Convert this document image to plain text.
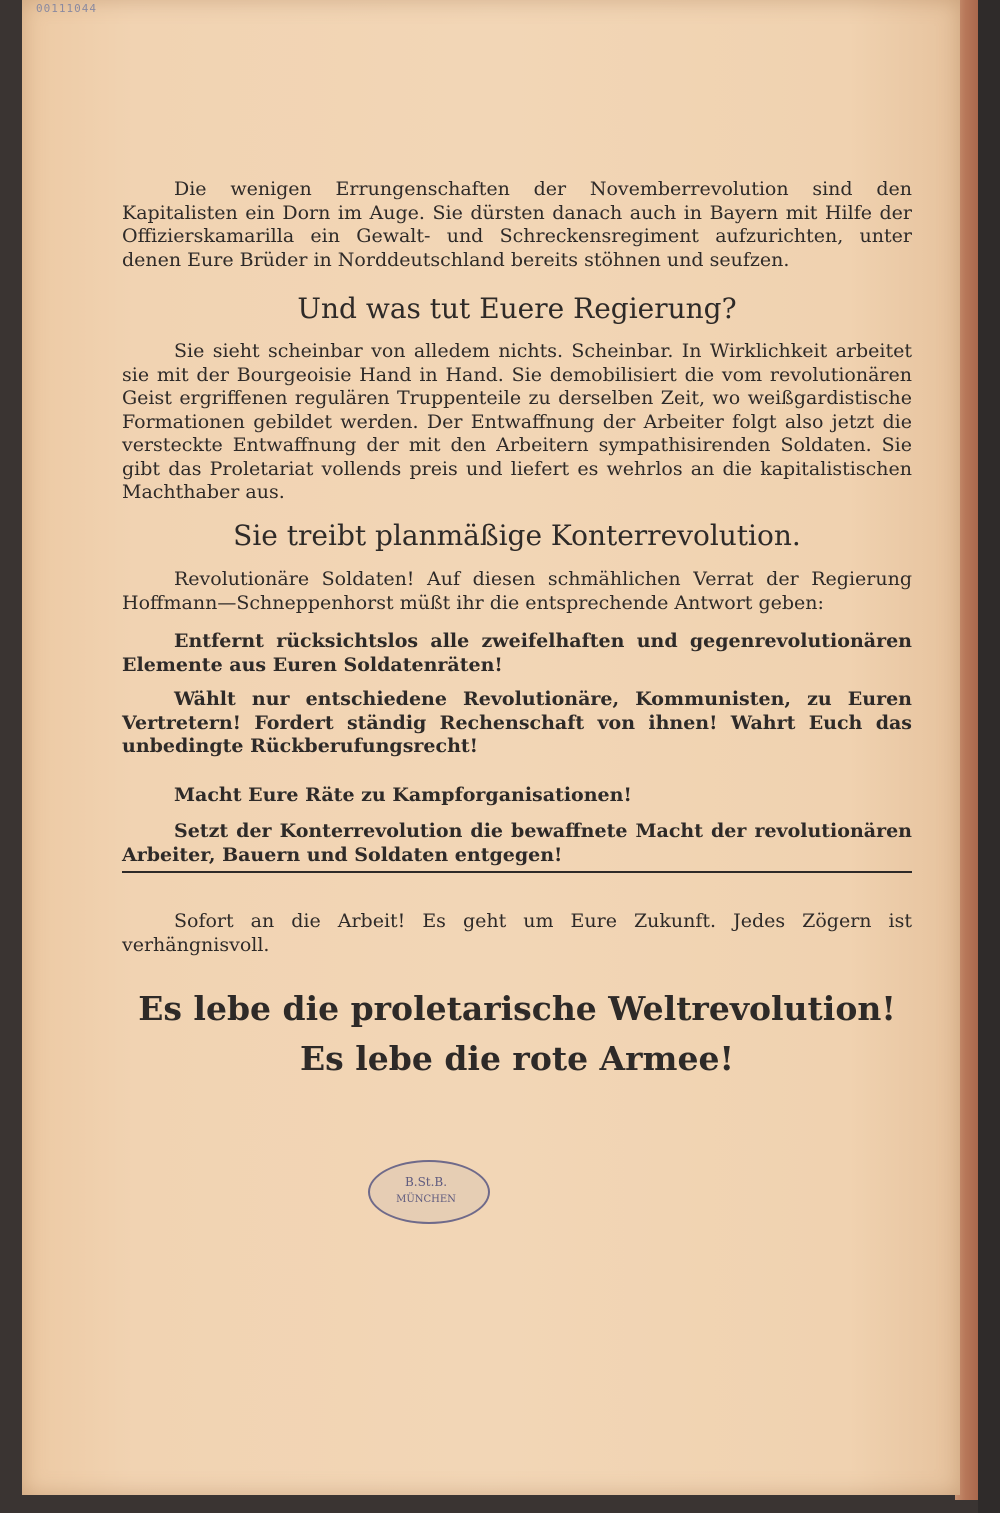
00111044

Die wenigen Errungenschaften der Novemberrevolution sind den Kapitalisten ein Dorn im Auge. Sie dürsten danach auch in Bayern mit Hilfe der Offizierskamarilla ein Gewalt- und Schreckensregiment aufzurichten, unter denen Eure Brüder in Norddeutschland bereits stöhnen und seufzen.

Und was tut Euere Regierung?

Sie sieht scheinbar von alledem nichts. Scheinbar. In Wirklichkeit arbeitet sie mit der Bourgeoisie Hand in Hand. Sie demobilisiert die vom revolutionären Geist ergriffenen regulären Truppenteile zu derselben Zeit, wo weißgardistische Formationen gebildet werden. Der Entwaffnung der Arbeiter folgt also jetzt die versteckte Entwaffnung der mit den Arbeitern sympathisirenden Soldaten. Sie gibt das Proletariat vollends preis und liefert es wehrlos an die kapitalistischen Machthaber aus.

Sie treibt planmäßige Konterrevolution.

Revolutionäre Soldaten! Auf diesen schmählichen Verrat der Regierung Hoffmann—Schneppenhorst müßt ihr die entsprechende Antwort geben:

Entfernt rücksichtslos alle zweifelhaften und gegenrevolutionären Elemente aus Euren Soldatenräten!

Wählt nur entschiedene Revolutionäre, Kommunisten, zu Euren Vertretern! Fordert ständig Rechenschaft von ihnen! Wahrt Euch das unbedingte Rückberufungsrecht!

Macht Eure Räte zu Kampforganisationen!

Setzt der Konterrevolution die bewaffnete Macht der revolutionären Arbeiter, Bauern und Soldaten entgegen!

Sofort an die Arbeit! Es geht um Eure Zukunft. Jedes Zögern ist verhängnisvoll.

Es lebe die proletarische Weltrevolution!

Es lebe die rote Armee!

B.St.B.
MÜNCHEN
